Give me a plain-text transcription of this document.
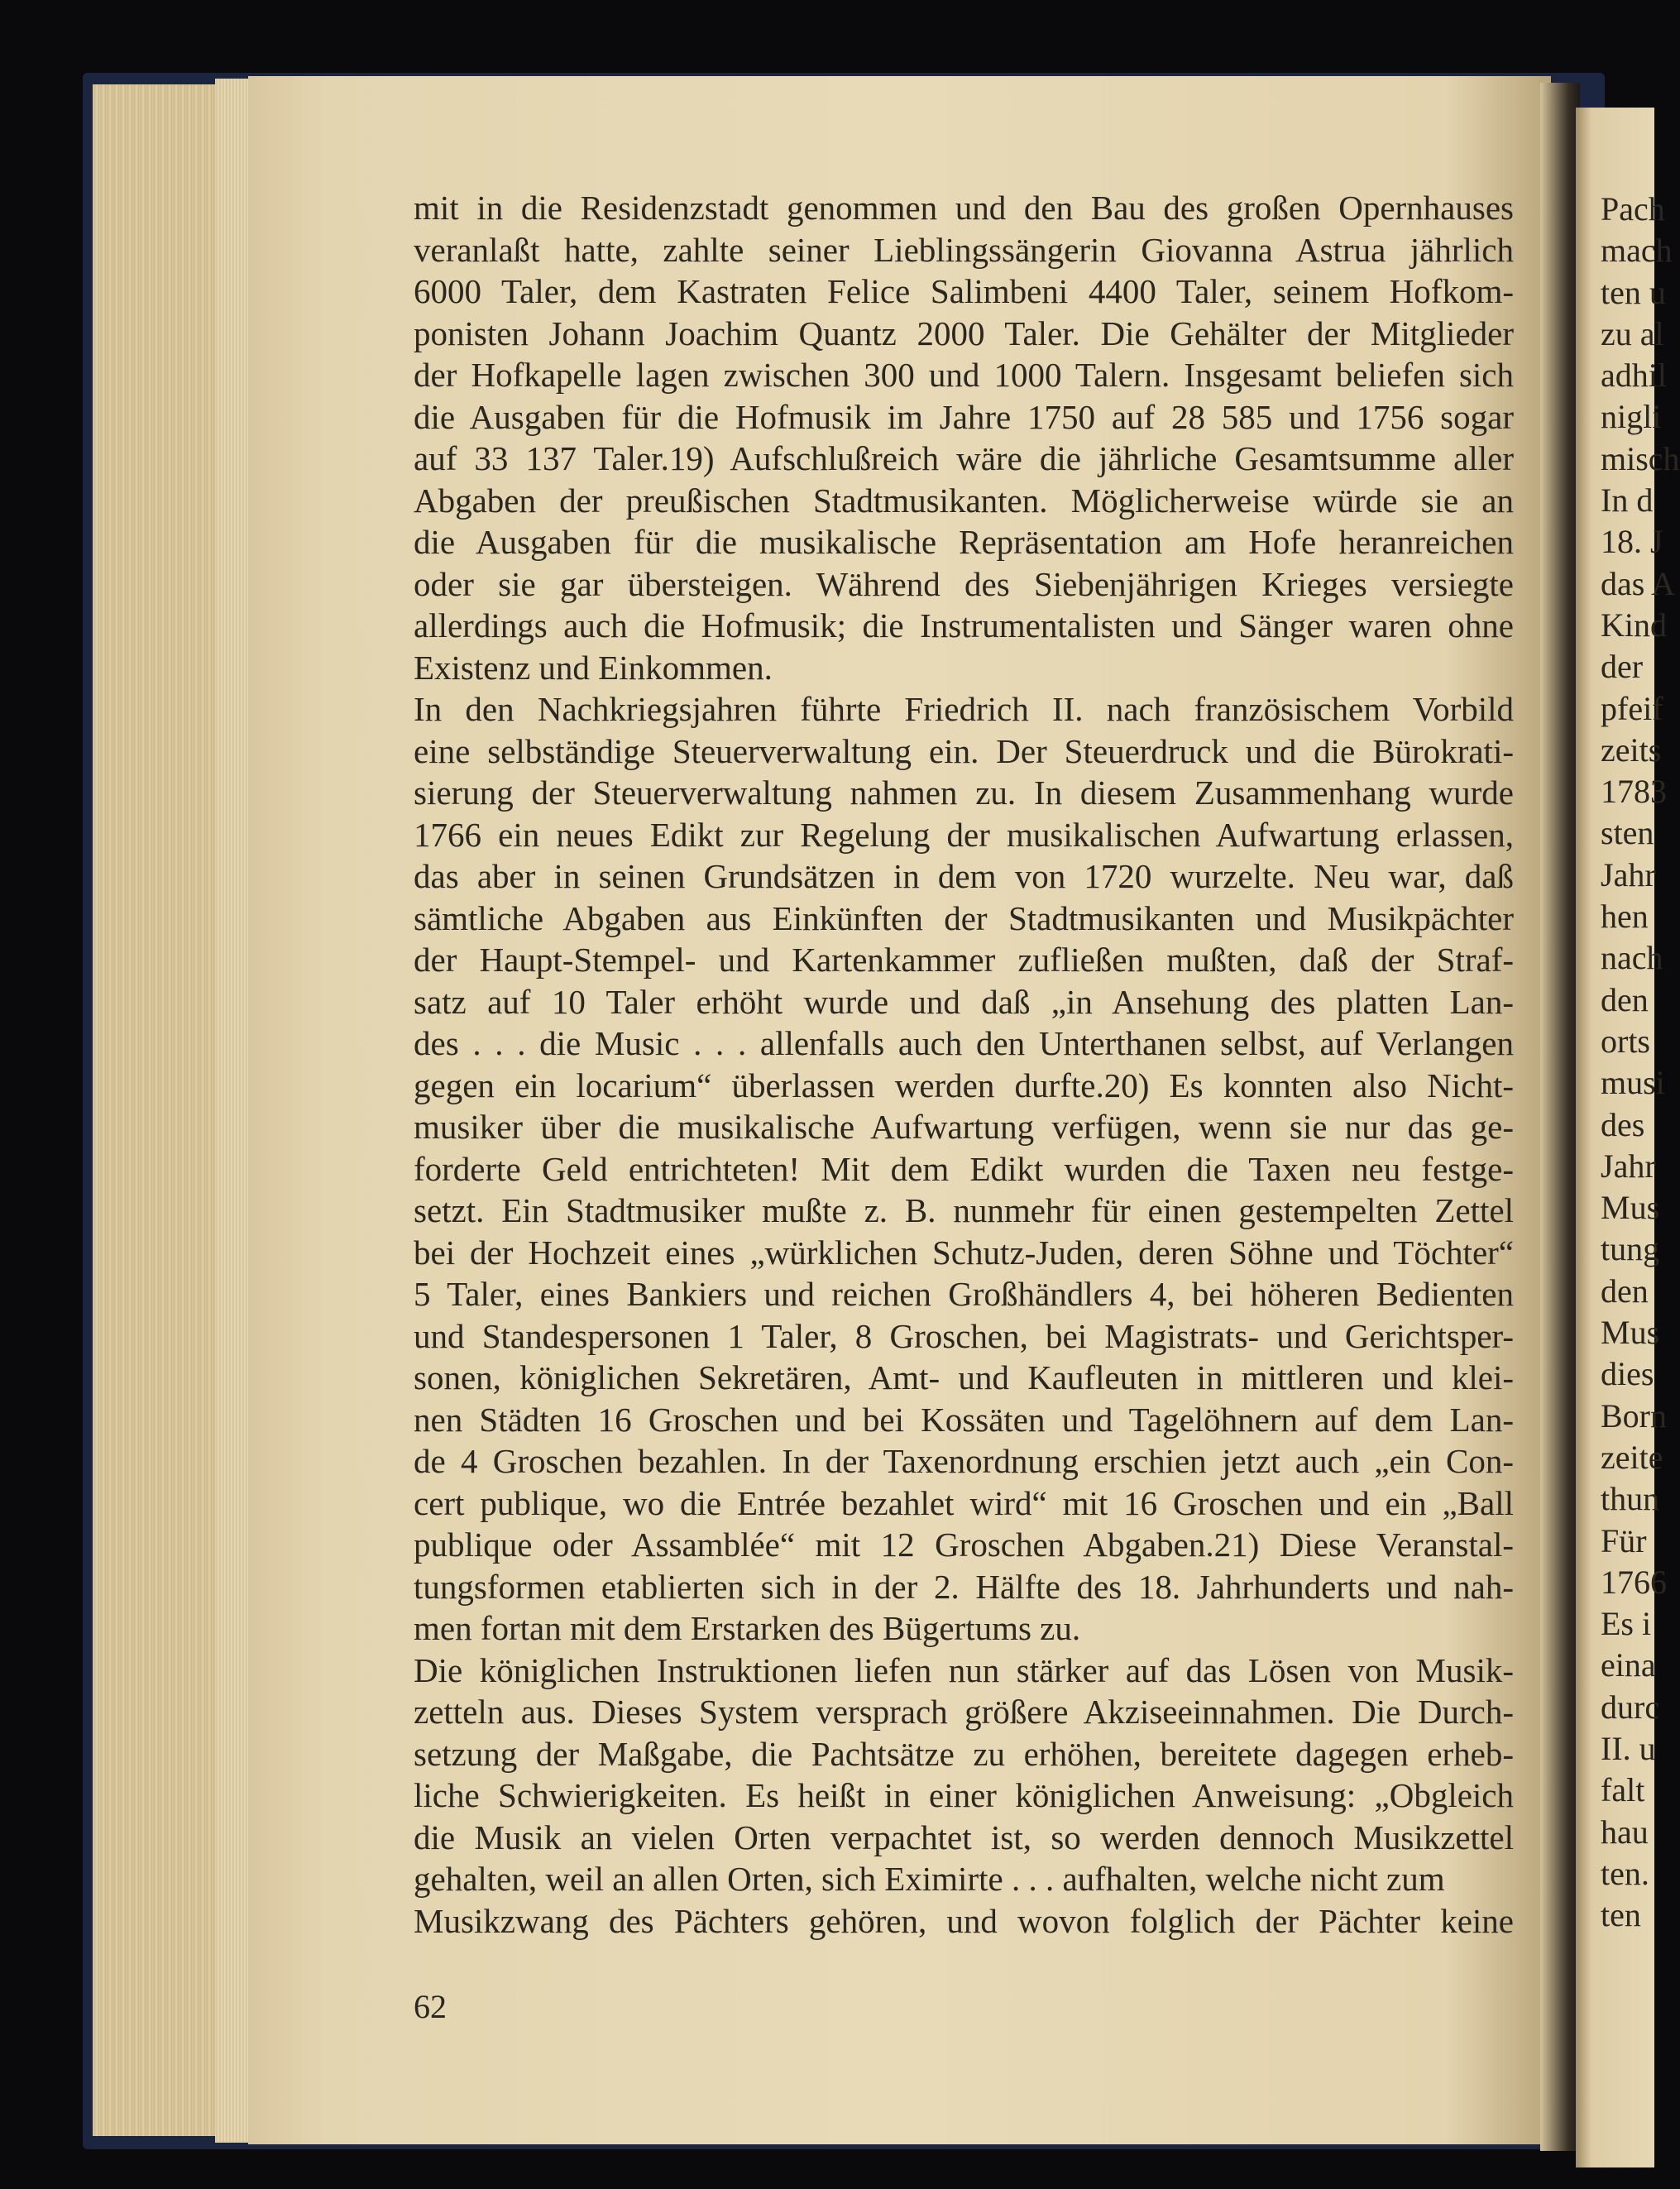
mit in die Residenzstadt genommen und den Bau des großen Opernhauses
veranlaßt hatte, zahlte seiner Lieblingssängerin Giovanna Astrua jährlich
6000 Taler, dem Kastraten Felice Salimbeni 4400 Taler, seinem Hofkom-
ponisten Johann Joachim Quantz 2000 Taler. Die Gehälter der Mitglieder
der Hofkapelle lagen zwischen 300 und 1000 Talern. Insgesamt beliefen sich
die Ausgaben für die Hofmusik im Jahre 1750 auf 28 585 und 1756 sogar
auf 33 137 Taler.19) Aufschlußreich wäre die jährliche Gesamtsumme aller
Abgaben der preußischen Stadtmusikanten. Möglicherweise würde sie an
die Ausgaben für die musikalische Repräsentation am Hofe heranreichen
oder sie gar übersteigen. Während des Siebenjährigen Krieges versiegte
allerdings auch die Hofmusik; die Instrumentalisten und Sänger waren ohne
Existenz und Einkommen.
In den Nachkriegsjahren führte Friedrich II. nach französischem Vorbild
eine selbständige Steuerverwaltung ein. Der Steuerdruck und die Bürokrati-
sierung der Steuerverwaltung nahmen zu. In diesem Zusammenhang wurde
1766 ein neues Edikt zur Regelung der musikalischen Aufwartung erlassen,
das aber in seinen Grundsätzen in dem von 1720 wurzelte. Neu war, daß
sämtliche Abgaben aus Einkünften der Stadtmusikanten und Musikpächter
der Haupt-Stempel- und Kartenkammer zufließen mußten, daß der Straf-
satz auf 10 Taler erhöht wurde und daß „in Ansehung des platten Lan-
des . . . die Music . . . allenfalls auch den Unterthanen selbst, auf Verlangen
gegen ein locarium“ überlassen werden durfte.20) Es konnten also Nicht-
musiker über die musikalische Aufwartung verfügen, wenn sie nur das ge-
forderte Geld entrichteten! Mit dem Edikt wurden die Taxen neu festge-
setzt. Ein Stadtmusiker mußte z. B. nunmehr für einen gestempelten Zettel
bei der Hochzeit eines „würklichen Schutz-Juden, deren Söhne und Töchter“
5 Taler, eines Bankiers und reichen Großhändlers 4, bei höheren Bedienten
und Standespersonen 1 Taler, 8 Groschen, bei Magistrats- und Gerichtsper-
sonen, königlichen Sekretären, Amt- und Kaufleuten in mittleren und klei-
nen Städten 16 Groschen und bei Kossäten und Tagelöhnern auf dem Lan-
de 4 Groschen bezahlen. In der Taxenordnung erschien jetzt auch „ein Con-
cert publique, wo die Entrée bezahlet wird“ mit 16 Groschen und ein „Ball
publique oder Assamblée“ mit 12 Groschen Abgaben.21) Diese Veranstal-
tungsformen etablierten sich in der 2. Hälfte des 18. Jahrhunderts und nah-
men fortan mit dem Erstarken des Bügertums zu.
Die königlichen Instruktionen liefen nun stärker auf das Lösen von Musik-
zetteln aus. Dieses System versprach größere Akziseeinnahmen. Die Durch-
setzung der Maßgabe, die Pachtsätze zu erhöhen, bereitete dagegen erheb-
liche Schwierigkeiten. Es heißt in einer königlichen Anweisung: „Obgleich
die Musik an vielen Orten verpachtet ist, so werden dennoch Musikzettel
gehalten, weil an allen Orten, sich Eximirte . . . aufhalten, welche nicht zum
Musikzwang des Pächters gehören, und wovon folglich der Pächter keine
62
Pach
mach
ten u
zu al
adhil
nigli
misch
In d
18. J
das A
Kind
der
pfeif
zeits
1783
sten
Jahr
hen
nach
den
orts
musi
des
Jahr
Mus
tung
den
Mus
dies
Born
zeite
thun
Für
1766
Es i
eina
durc
II. u
falt
hau
ten.
ten
